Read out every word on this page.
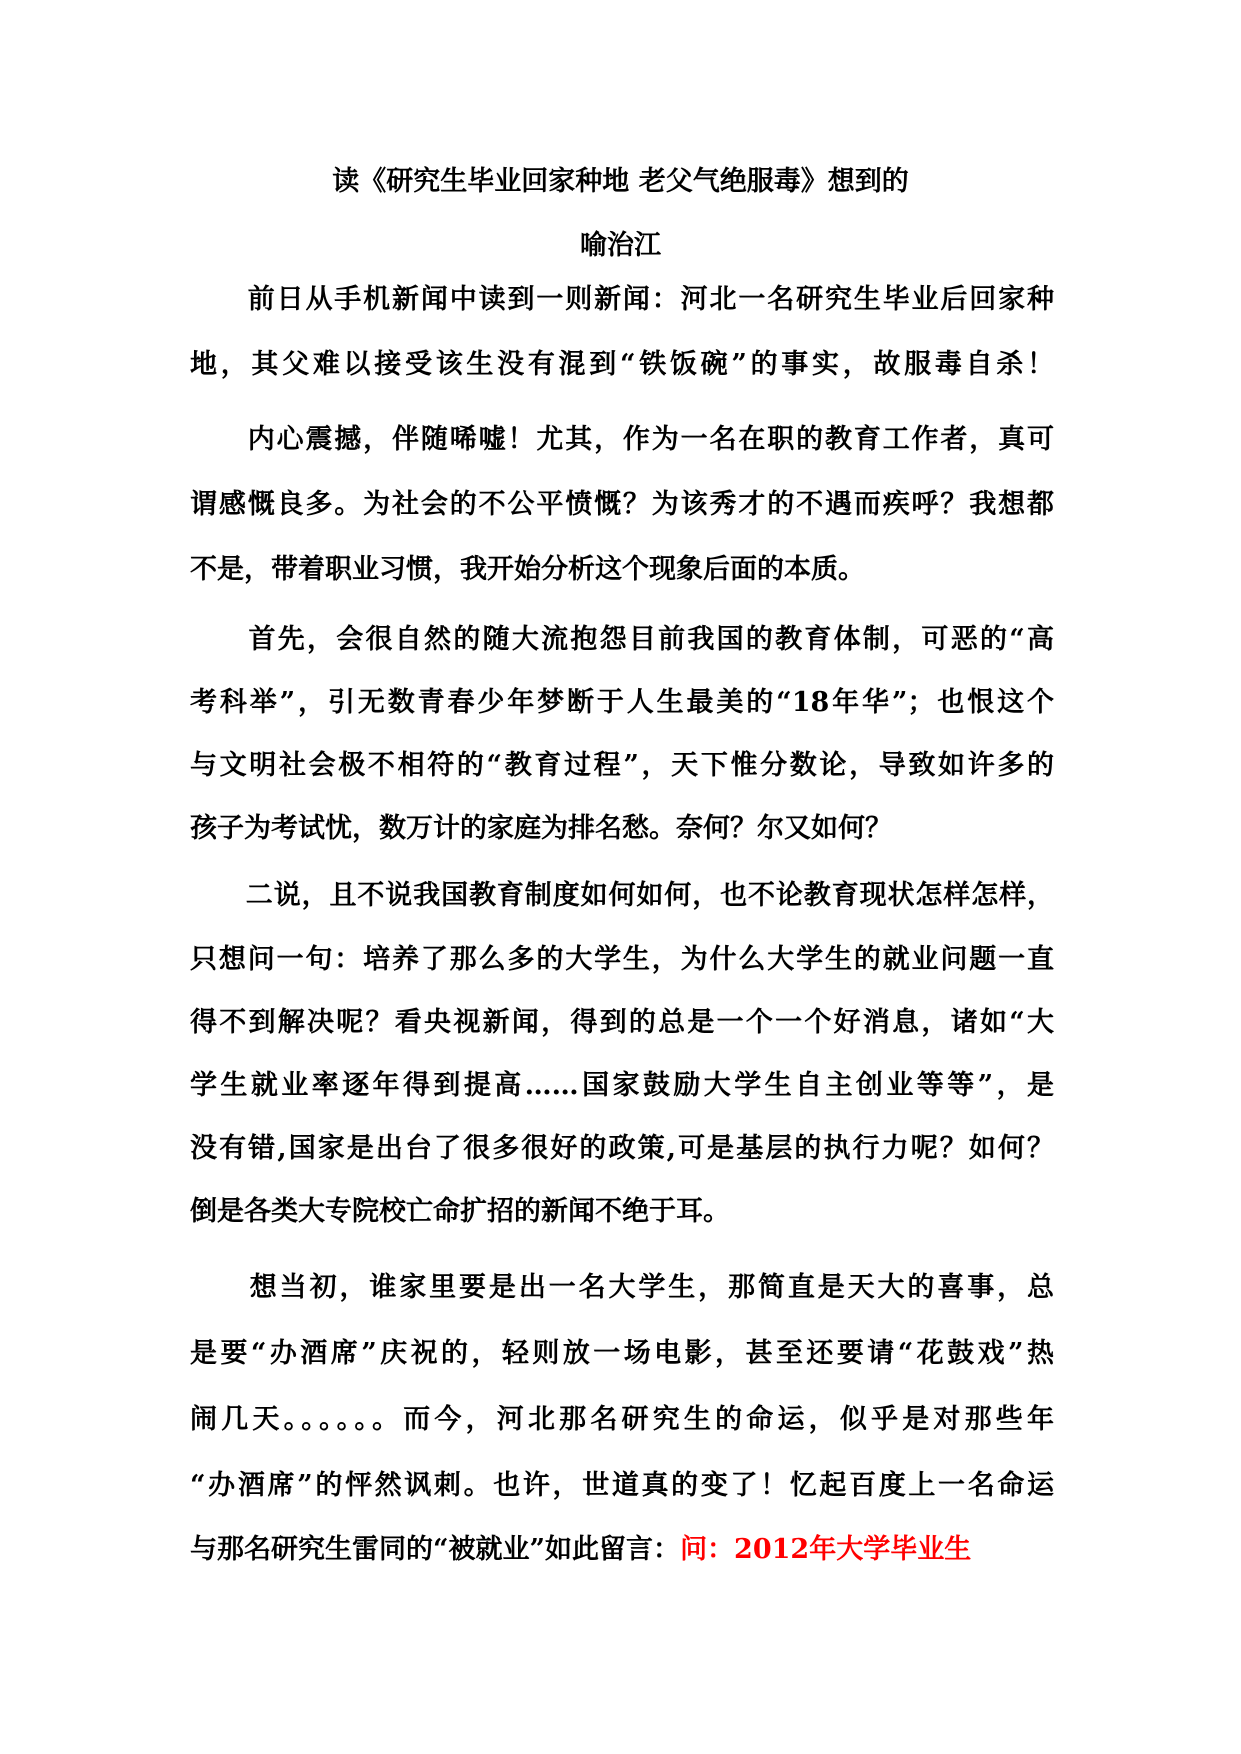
读《研究生毕业回家种地 老父气绝服毒》想到的
喻治江
　　前日从手机新闻中读到一则新闻：河北一名研究生毕业后回家种
地，其父难以接受该生没有混到“铁饭碗”的事实，故服毒自杀！
　　内心震撼，伴随唏嘘！尤其，作为一名在职的教育工作者，真可
谓感慨良多。为社会的不公平愤慨？为该秀才的不遇而疾呼？我想都
不是，带着职业习惯，我开始分析这个现象后面的本质。
　　首先，会很自然的随大流抱怨目前我国的教育体制，可恶的“高
考科举”，引无数青春少年梦断于人生最美的“18年华”；也恨这个
与文明社会极不相符的“教育过程”，天下惟分数论，导致如许多的
孩子为考试忧，数万计的家庭为排名愁。奈何？尔又如何？
　　二说，且不说我国教育制度如何如何，也不论教育现状怎样怎样，
只想问一句：培养了那么多的大学生，为什么大学生的就业问题一直
得不到解决呢？看央视新闻，得到的总是一个一个好消息，诸如“大
学生就业率逐年得到提高……国家鼓励大学生自主创业等等”，是
没有错,国家是出台了很多很好的政策,可是基层的执行力呢？如何？
倒是各类大专院校亡命扩招的新闻不绝于耳。
　　想当初，谁家里要是出一名大学生，那简直是天大的喜事，总
是要“办酒席”庆祝的，轻则放一场电影，甚至还要请“花鼓戏”热
闹几天。。。。。。而今，河北那名研究生的命运，似乎是对那些年
“办酒席”的怦然讽刺。也许，世道真的变了！忆起百度上一名命运
与那名研究生雷同的“被就业”如此留言：问：2012年大学毕业生
